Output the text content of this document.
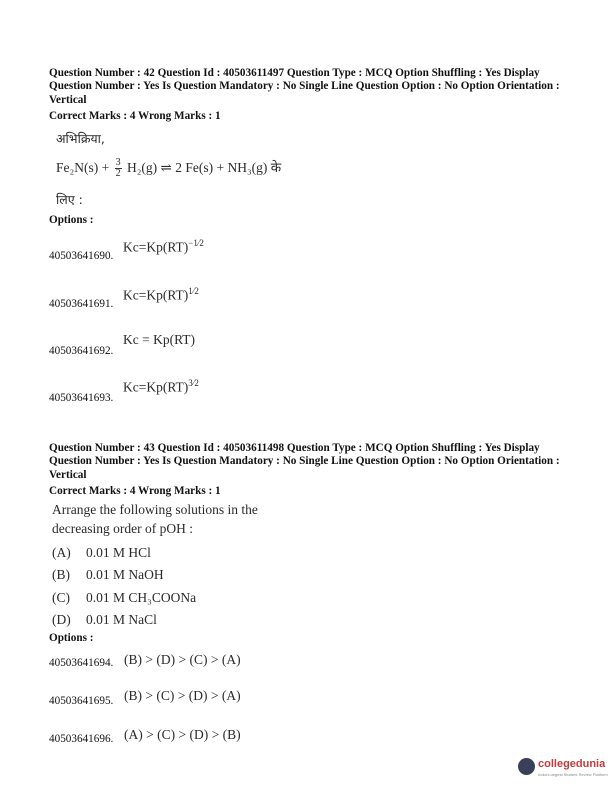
Question Number : 42 Question Id : 40503611497 Question Type : MCQ Option Shuffling : Yes Display Question Number : Yes Is Question Mandatory : No Single Line Question Option : No Option Orientation : Vertical
Correct Marks : 4 Wrong Marks : 1
अभिक्रिया,
$Fe_2N(s) + \frac{3}{2} H_2(g)$ ⇌ 2 Fe(s) + NH₃(g) के
लिए :
Options :
40503641690.
Kc=Kp(RT)$^{-1⁄2}$
40503641691.
Kc=Kp(RT)$^{1⁄2}$
40503641692.
Kc = Kp(RT)
40503641693.
Kc=Kp(RT)$^{3⁄2}$
Question Number : 43 Question Id : 40503611498 Question Type : MCQ Option Shuffling : Yes Display Question Number : Yes Is Question Mandatory : No Single Line Question Option : No Option Orientation : Vertical
Correct Marks : 4 Wrong Marks : 1
Arrange the following solutions in the
decreasing order of pOH :
(A) 0.01 M HCl
(B) 0.01 M NaOH
(C) 0.01 M CH₃COONa
(D) 0.01 M NaCl
Options :
40503641694. (B) > (D) > (C) > (A)
40503641695. (B) > (C) > (D) > (A)
40503641696. (A) > (C) > (D) > (B)
collegedunia
India's largest Student Review Platform
